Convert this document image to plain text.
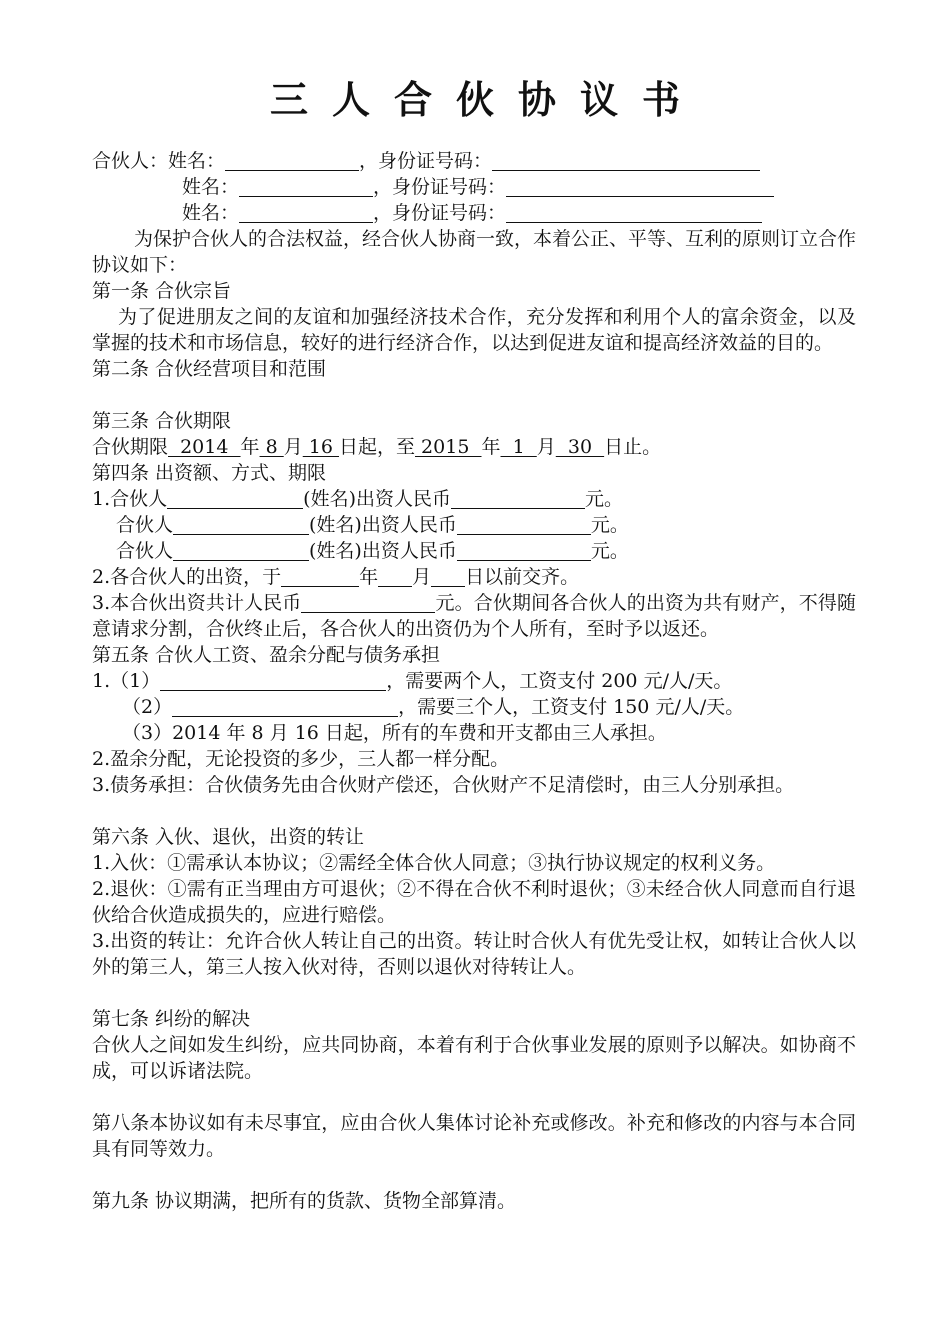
三人合伙协议书
合伙人：姓名：	，身份证号码：
姓名：	，身份证号码：
姓名：	，身份证号码：
为保护合伙人的合法权益，经合伙人协商一致，本着公正、平等、互利的原则订立合作协议如下：
第一条 合伙宗旨
为了促进朋友之间的友谊和加强经济技术合作，充分发挥和利用个人的富余资金，以及掌握的技术和市场信息，较好的进行经济合作，以达到促进友谊和提高经济效益的目的。
第二条 合伙经营项目和范围
第三条 合伙期限
合伙期限  2014  年 8 月 16 日起，至 2015  年  1  月  30  日止。
第四条 出资额、方式、期限
1.合伙人	(姓名)出资人民币	元。
合伙人	(姓名)出资人民币	元。
合伙人	(姓名)出资人民币	元。
2.各合伙人的出资，于	年 月 日以前交齐。
3.本合伙出资共计人民币	元。合伙期间各合伙人的出资为共有财产，不得随意请求分割，合伙终止后，各合伙人的出资仍为个人所有，至时予以返还。
第五条 合伙人工资、盈余分配与债务承担
1.（1）	，需要两个人，工资支付 200 元/人/天。
（2）	，需要三个人，工资支付 150 元/人/天。
（3）2014 年 8 月 16 日起，所有的车费和开支都由三人承担。
2.盈余分配，无论投资的多少，三人都一样分配。
3.债务承担：合伙债务先由合伙财产偿还，合伙财产不足清偿时，由三人分别承担。
第六条 入伙、退伙，出资的转让
1.入伙：①需承认本协议；②需经全体合伙人同意；③执行协议规定的权利义务。
2.退伙：①需有正当理由方可退伙；②不得在合伙不利时退伙；③未经合伙人同意而自行退伙给合伙造成损失的，应进行赔偿。
3.出资的转让：允许合伙人转让自己的出资。转让时合伙人有优先受让权，如转让合伙人以外的第三人，第三人按入伙对待，否则以退伙对待转让人。
第七条 纠纷的解决
合伙人之间如发生纠纷，应共同协商，本着有利于合伙事业发展的原则予以解决。如协商不成，可以诉诸法院。
第八条本协议如有未尽事宜，应由合伙人集体讨论补充或修改。补充和修改的内容与本合同具有同等效力。
第九条 协议期满，把所有的货款、货物全部算清。
